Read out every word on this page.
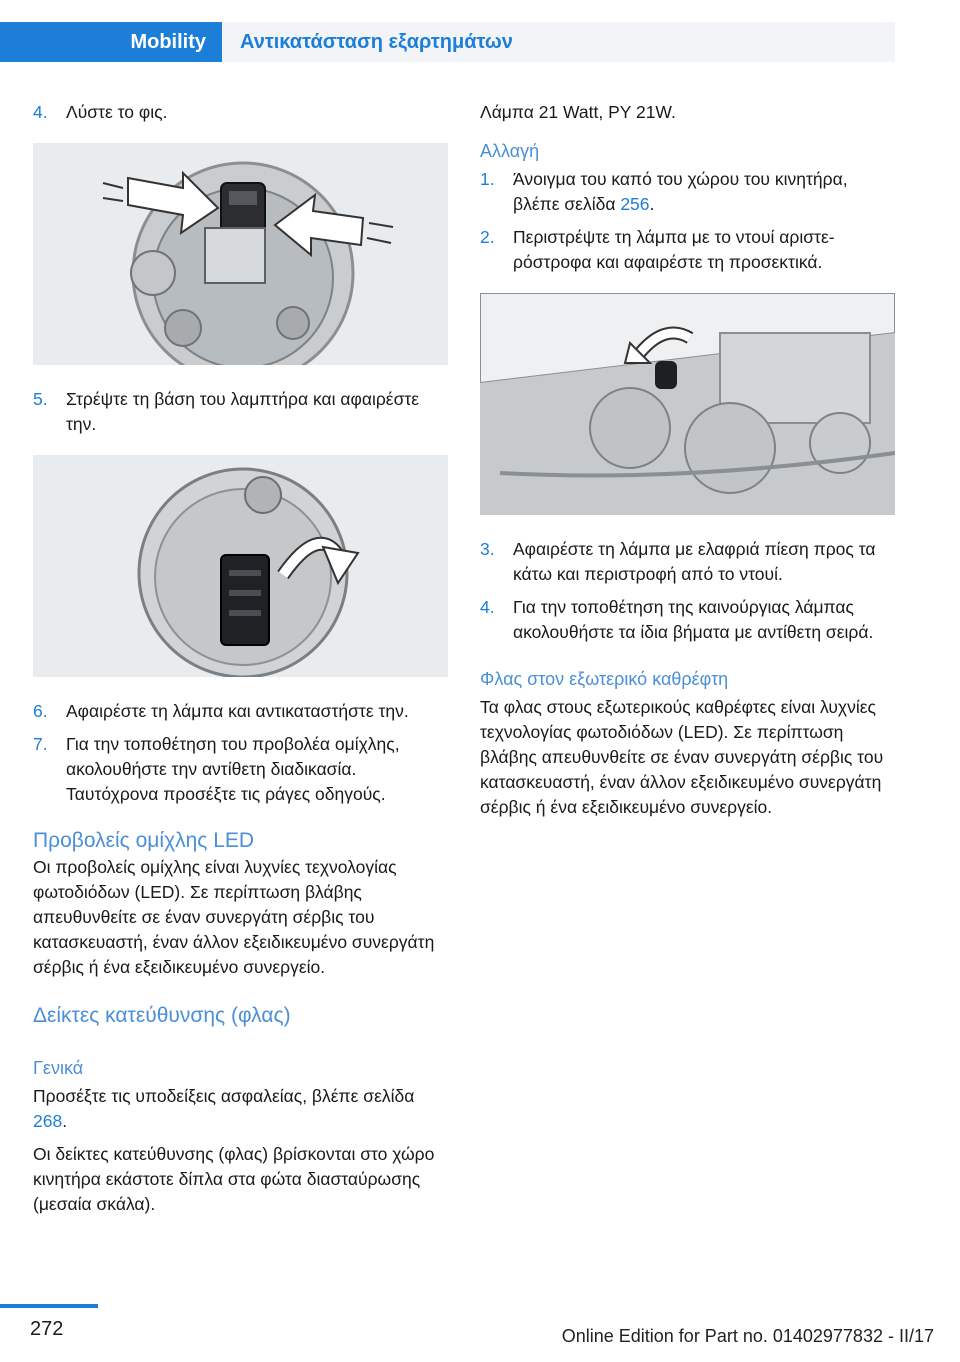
Mobility	Αντικατάσταση εξαρτημάτων
4.	Λύστε το φις.
5.	Στρέψτε τη βάση του λαμπτήρα και αφαιρέστε την.
6.	Αφαιρέστε τη λάμπα και αντικαταστήστε την.
7.	Για την τοποθέτηση του προβολέα ομίχλης, ακολουθήστε την αντίθετη διαδικασία. Ταυτόχρονα προσέξτε τις ράγες οδηγούς.
Προβολείς ομίχλης LED
Οι προβολείς ομίχλης είναι λυχνίες τεχνολογίας φωτοδιόδων (LED). Σε περίπτωση βλάβης απευθυνθείτε σε έναν συνεργάτη σέρβις του κατασκευαστή, έναν άλλον εξειδικευμένο συνεργάτη σέρβις ή ένα εξειδικευμένο συνεργείο.
Δείκτες κατεύθυνσης (φλας)
Γενικά
Προσέξτε τις υποδείξεις ασφαλείας, βλέπε σελίδα 268.
Οι δείκτες κατεύθυνσης (φλας) βρίσκονται στο χώρο κινητήρα εκάστοτε δίπλα στα φώτα διασταύρωσης (μεσαία σκάλα).
Λάμπα 21 Watt, PY 21W.
Αλλαγή
1.	Άνοιγμα του καπό του χώρου του κινητήρα, βλέπε σελίδα 256.
2.	Περιστρέψτε τη λάμπα με το ντουί αριστερόστροφα και αφαιρέστε τη προσεκτικά.
3.	Αφαιρέστε τη λάμπα με ελαφριά πίεση προς τα κάτω και περιστροφή από το ντουί.
4.	Για την τοποθέτηση της καινούργιας λάμπας ακολουθήστε τα ίδια βήματα με αντίθετη σειρά.
Φλας στον εξωτερικό καθρέφτη
Τα φλας στους εξωτερικούς καθρέφτες είναι λυχνίες τεχνολογίας φωτοδιόδων (LED). Σε περίπτωση βλάβης απευθυνθείτε σε έναν συνεργάτη σέρβις του κατασκευαστή, έναν άλλον εξειδικευμένο συνεργάτη σέρβις ή ένα εξειδικευμένο συνεργείο.
272	Online Edition for Part no. 01402977832 - II/17
